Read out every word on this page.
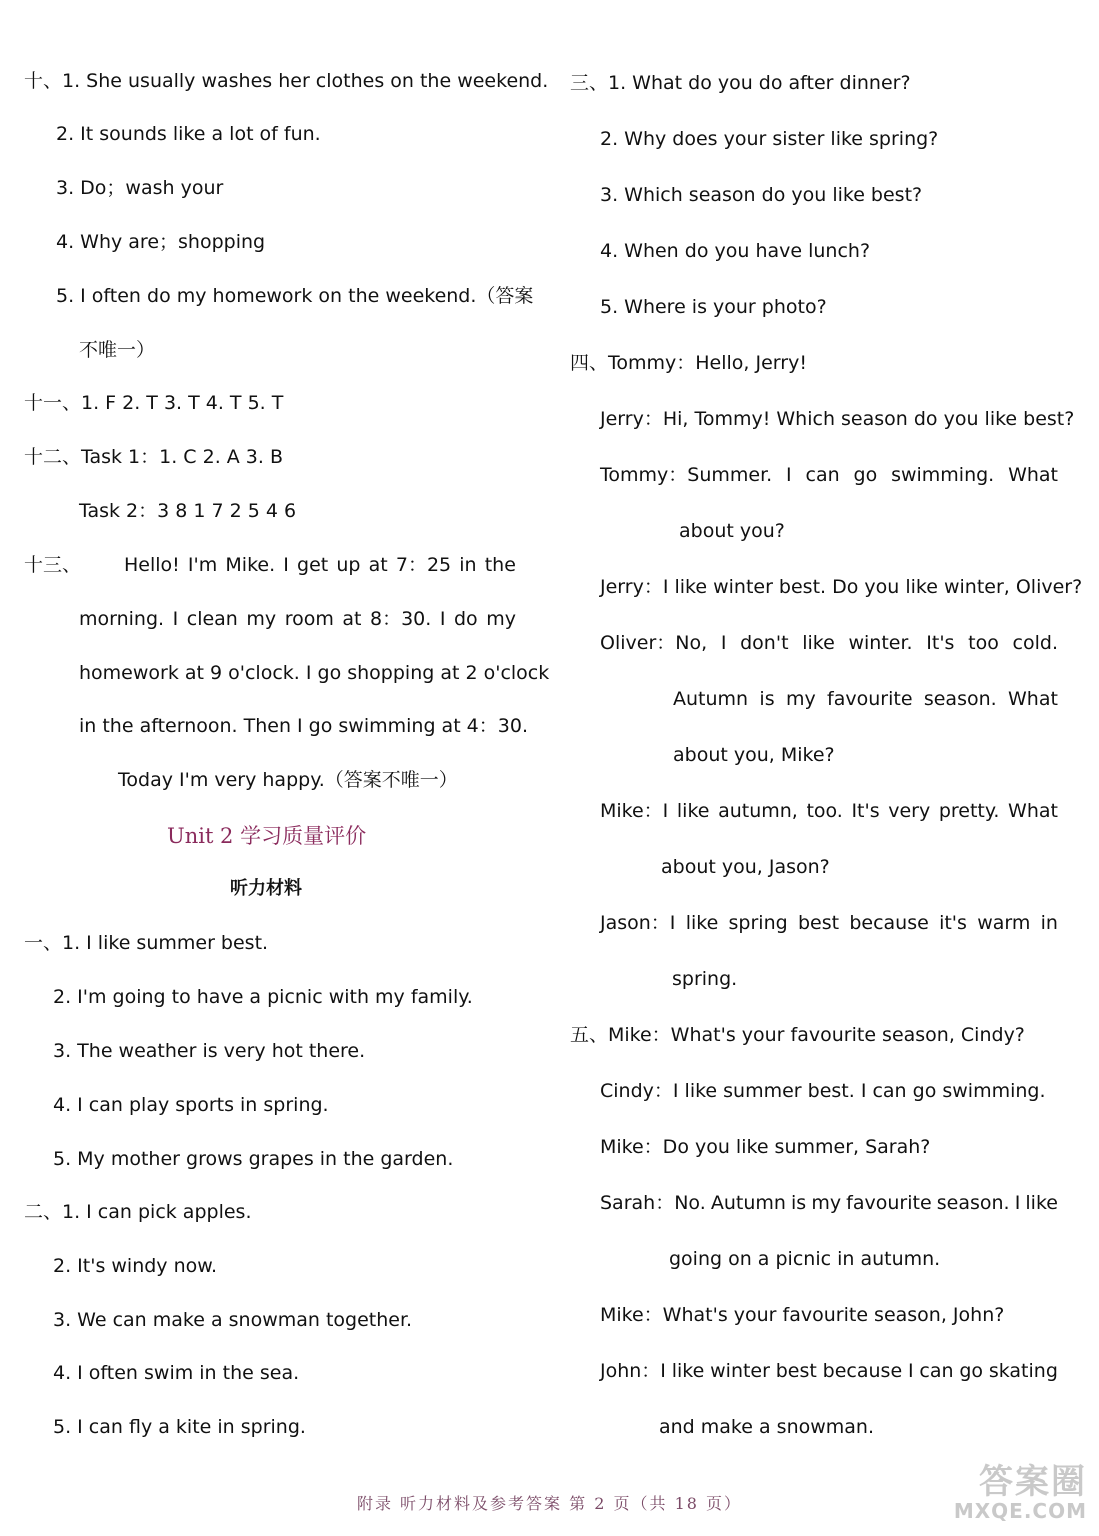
十、1. She usually washes her clothes on the weekend.
2. It sounds like a lot of fun.
3. Do；wash your
4. Why are；shopping
5. I often do my homework on the weekend.（答案
不唯一）
十一、1. F 2. T 3. T 4. T 5. T
十二、Task 1：1. C 2. A 3. B
Task 2：3 8 1 7 2 5 4 6
十三、 Hello! I'm Mike. I get up at 7：25 in the
morning. I clean my room at 8：30. I do my
homework at 9 o'clock. I go shopping at 2 o'clock
in the afternoon. Then I go swimming at 4：30.
Today I'm very happy.（答案不唯一）
Unit 2 学习质量评价
听力材料
一、1. I like summer best.
2. I'm going to have a picnic with my family.
3. The weather is very hot there.
4. I can play sports in spring.
5. My mother grows grapes in the garden.
二、1. I can pick apples.
2. It's windy now.
3. We can make a snowman together.
4. I often swim in the sea.
5. I can fly a kite in spring.
三、1. What do you do after dinner?
2. Why does your sister like spring?
3. Which season do you like best?
4. When do you have lunch?
5. Where is your photo?
四、Tommy：Hello, Jerry!
Jerry：Hi, Tommy! Which season do you like best?
Tommy：Summer. I can go swimming. What
about you?
Jerry：I like winter best. Do you like winter, Oliver?
Oliver：No, I don't like winter. It's too cold.
Autumn is my favourite season. What
about you, Mike?
Mike：I like autumn, too. It's very pretty. What
about you, Jason?
Jason：I like spring best because it's warm in
spring.
五、Mike：What's your favourite season, Cindy?
Cindy：I like summer best. I can go swimming.
Mike：Do you like summer, Sarah?
Sarah：No. Autumn is my favourite season. I like
going on a picnic in autumn.
Mike：What's your favourite season, John?
John：I like winter best because I can go skating
and make a snowman.
附录 听力材料及参考答案 第 2 页（共 18 页）
答案圈
MXQE.COM
